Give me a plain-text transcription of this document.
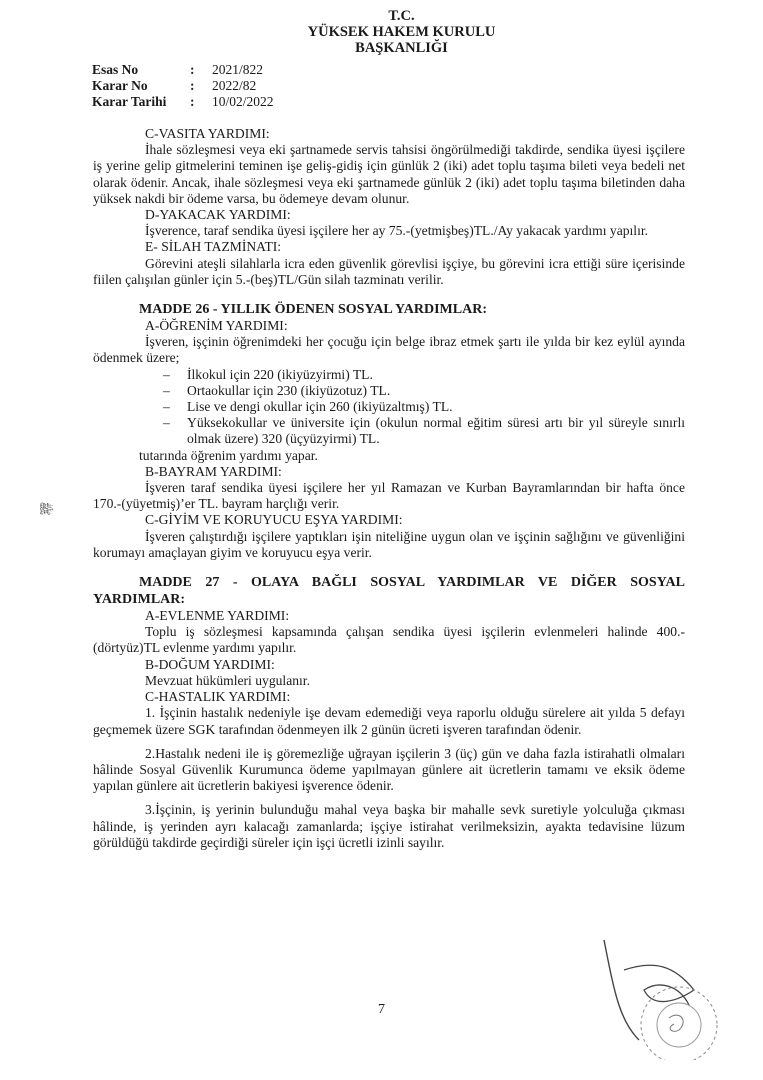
T.C.
YÜKSEK HAKEM KURULU
BAŞKANLIĞI
Esas No	:	2021/822
Karar No	:	2022/82
Karar Tarihi	:	10/02/2022

C-VASITA YARDIMI:

İhale sözleşmesi veya eki şartnamede servis tahsisi öngörülmediği takdirde, sendika üyesi işçilere iş yerine gelip gitmelerini teminen işe geliş-gidiş için günlük 2 (iki) adet toplu taşıma bileti veya bedeli net olarak ödenir. Ancak, ihale sözleşmesi veya eki şartnamede günlük 2 (iki) adet toplu taşıma biletinden daha yüksek nakdi bir ödeme varsa, bu ödemeye devam olunur.

D-YAKACAK YARDIMI:

İşverence, taraf sendika üyesi işçilere her ay 75.-(yetmişbeş)TL./Ay yakacak yardımı yapılır.

E- SİLAH TAZMİNATI:

Görevini ateşli silahlarla icra eden güvenlik görevlisi işçiye, bu görevini icra ettiği süre içerisinde fiilen çalışılan günler için 5.-(beş)TL/Gün silah tazminatı verilir.

MADDE 26 - YILLIK ÖDENEN SOSYAL YARDIMLAR:

A-ÖĞRENİM YARDIMI:

İşveren, işçinin öğrenimdeki her çocuğu için belge ibraz etmek şartı ile yılda bir kez eylül ayında ödenmek üzere;

– İlkokul için 220 (ikiyüzyirmi) TL.
– Ortaokullar için 230 (ikiyüzotuz) TL.
– Lise ve dengi okullar için 260 (ikiyüzaltmış) TL.
– Yüksekokullar ve üniversite için (okulun normal eğitim süresi artı bir yıl süreyle sınırlı olmak üzere) 320 (üçyüzyirmi) TL.

tutarında öğrenim yardımı yapar.

B-BAYRAM YARDIMI:

İşveren taraf sendika üyesi işçilere her yıl Ramazan ve Kurban Bayramlarından bir hafta önce 170.-(yüyetmiş)’er TL. bayram harçlığı verir.

C-GİYİM VE KORUYUCU EŞYA YARDIMI:

İşveren çalıştırdığı işçilere yaptıkları işin niteliğine uygun olan ve işçinin sağlığını ve güvenliğini korumayı amaçlayan giyim ve koruyucu eşya verir.

MADDE 27 - OLAYA BAĞLI SOSYAL YARDIMLAR VE DİĞER SOSYAL YARDIMLAR:

A-EVLENME YARDIMI:

Toplu iş sözleşmesi kapsamında çalışan sendika üyesi işçilerin evlenmeleri halinde 400.-(dörtyüz)TL evlenme yardımı yapılır.

B-DOĞUM YARDIMI:

Mevzuat hükümleri uygulanır.

C-HASTALIK YARDIMI:

1. İşçinin hastalık nedeniyle işe devam edemediği veya raporlu olduğu sürelere ait yılda 5 defayı geçmemek üzere SGK tarafından ödenmeyen ilk 2 günün ücreti işveren tarafından ödenir.

2.Hastalık nedeni ile iş göremezliğe uğrayan işçilerin 3 (üç) gün ve daha fazla istirahatli olmaları hâlinde Sosyal Güvenlik Kurumunca ödeme yapılmayan günlere ait ücretlerin tamamı ve eksik ödeme yapılan günlere ait ücretlerin bakiyesi işverence ödenir.

3.İşçinin, iş yerinin bulunduğu mahal veya başka bir mahalle sevk suretiyle yolculuğa çıkması hâlinde, iş yerinden ayrı kalacağı zamanlarda; işçiye istirahat verilmeksizin, ayakta tedavisine lüzum görüldüğü takdirde geçirdiği süreler için işçi ücretli izinli sayılır.

ﷺ
7
